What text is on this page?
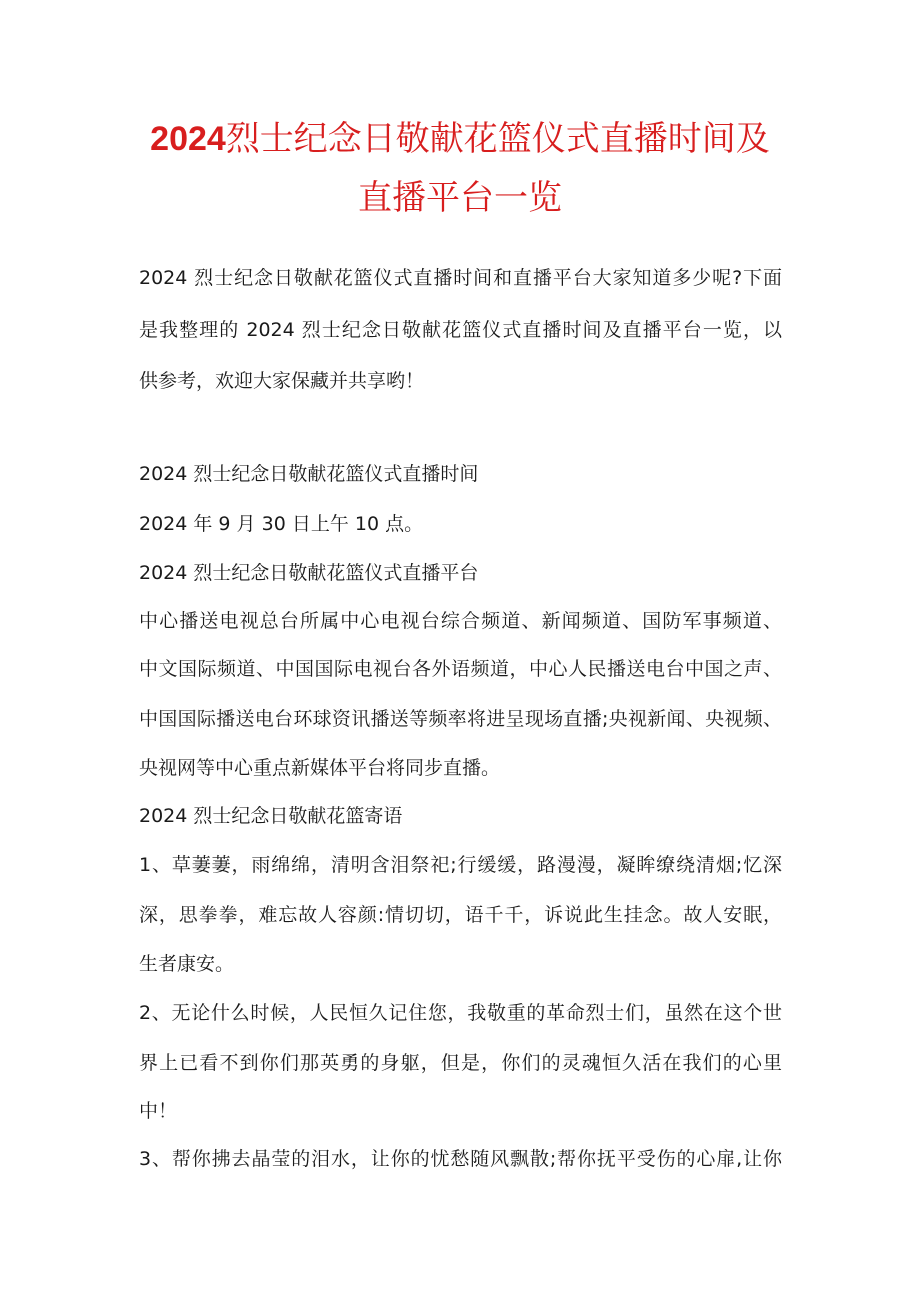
2024烈士纪念日敬献花篮仪式直播时间及
直播平台一览

2024 烈士纪念日敬献花篮仪式直播时间和直播平台大家知道多少呢?下面

是我整理的 2024 烈士纪念日敬献花篮仪式直播时间及直播平台一览，以

供参考，欢迎大家保藏并共享哟！

2024 烈士纪念日敬献花篮仪式直播时间

2024 年 9 月 30 日上午 10 点。

2024 烈士纪念日敬献花篮仪式直播平台

中心播送电视总台所属中心电视台综合频道、新闻频道、国防军事频道、

中文国际频道、中国国际电视台各外语频道，中心人民播送电台中国之声、

中国国际播送电台环球资讯播送等频率将进呈现场直播;央视新闻、央视频、

央视网等中心重点新媒体平台将同步直播。

2024 烈士纪念日敬献花篮寄语

1、草萋萋，雨绵绵，清明含泪祭祀;行缓缓，路漫漫，凝眸缭绕清烟;忆深

深，思拳拳，难忘故人容颜:情切切，语千千，诉说此生挂念。故人安眠，

生者康安。

2、无论什么时候，人民恒久记住您，我敬重的革命烈士们，虽然在这个世

界上已看不到你们那英勇的身躯，但是，你们的灵魂恒久活在我们的心里

中！

3、帮你拂去晶莹的泪水，让你的忧愁随风飘散;帮你抚平受伤的心扉,让你
